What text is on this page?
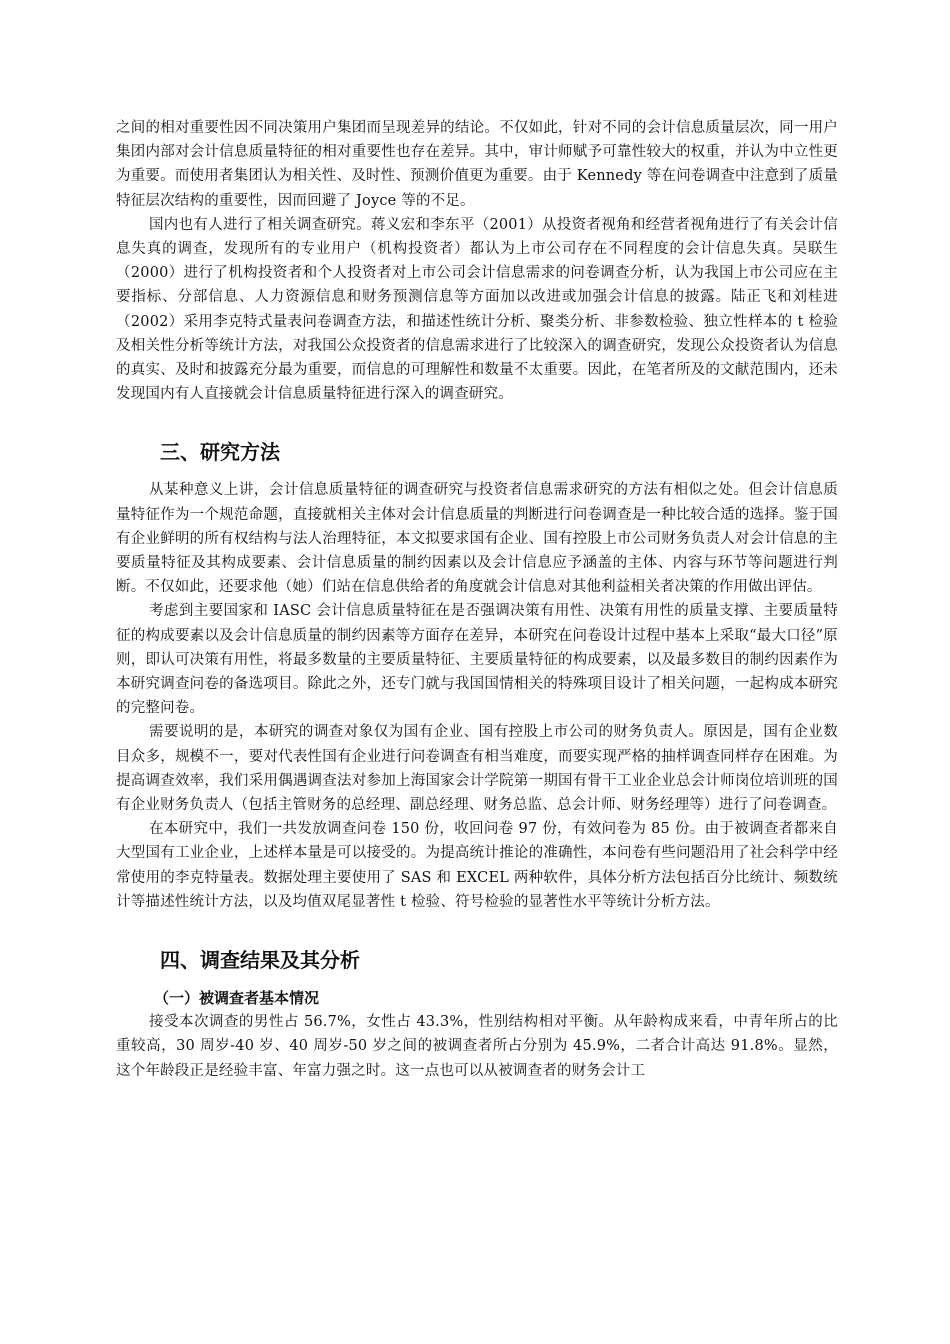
之间的相对重要性因不同决策用户集团而呈现差异的结论。不仅如此，针对不同的会计信息质量层次，同一用户集团内部对会计信息质量特征的相对重要性也存在差异。其中，审计师赋予可靠性较大的权重，并认为中立性更为重要。而使用者集团认为相关性、及时性、预测价值更为重要。由于 Kennedy 等在问卷调查中注意到了质量特征层次结构的重要性，因而回避了 Joyce 等的不足。

国内也有人进行了相关调查研究。蒋义宏和李东平（2001）从投资者视角和经营者视角进行了有关会计信息失真的调查，发现所有的专业用户（机构投资者）都认为上市公司存在不同程度的会计信息失真。吴联生（2000）进行了机构投资者和个人投资者对上市公司会计信息需求的问卷调查分析，认为我国上市公司应在主要指标、分部信息、人力资源信息和财务预测信息等方面加以改进或加强会计信息的披露。陆正飞和刘桂进（2002）采用李克特式量表问卷调查方法，和描述性统计分析、聚类分析、非参数检验、独立性样本的 t 检验及相关性分析等统计方法，对我国公众投资者的信息需求进行了比较深入的调查研究，发现公众投资者认为信息的真实、及时和披露充分最为重要，而信息的可理解性和数量不太重要。因此，在笔者所及的文献范围内，还未发现国内有人直接就会计信息质量特征进行深入的调查研究。

三、研究方法

从某种意义上讲，会计信息质量特征的调查研究与投资者信息需求研究的方法有相似之处。但会计信息质量特征作为一个规范命题，直接就相关主体对会计信息质量的判断进行问卷调查是一种比较合适的选择。鉴于国有企业鲜明的所有权结构与法人治理特征，本文拟要求国有企业、国有控股上市公司财务负责人对会计信息的主要质量特征及其构成要素、会计信息质量的制约因素以及会计信息应予涵盖的主体、内容与环节等问题进行判断。不仅如此，还要求他（她）们站在信息供给者的角度就会计信息对其他利益相关者决策的作用做出评估。

考虑到主要国家和 IASC 会计信息质量特征在是否强调决策有用性、决策有用性的质量支撑、主要质量特征的构成要素以及会计信息质量的制约因素等方面存在差异，本研究在问卷设计过程中基本上采取“最大口径”原则，即认可决策有用性，将最多数量的主要质量特征、主要质量特征的构成要素，以及最多数目的制约因素作为本研究调查问卷的备选项目。除此之外，还专门就与我国国情相关的特殊项目设计了相关问题，一起构成本研究的完整问卷。

需要说明的是，本研究的调查对象仅为国有企业、国有控股上市公司的财务负责人。原因是，国有企业数目众多，规模不一，要对代表性国有企业进行问卷调查有相当难度，而要实现严格的抽样调查同样存在困难。为提高调查效率，我们采用偶遇调查法对参加上海国家会计学院第一期国有骨干工业企业总会计师岗位培训班的国有企业财务负责人（包括主管财务的总经理、副总经理、财务总监、总会计师、财务经理等）进行了问卷调查。

在本研究中，我们一共发放调查问卷 150 份，收回问卷 97 份，有效问卷为 85 份。由于被调查者都来自大型国有工业企业，上述样本量是可以接受的。为提高统计推论的准确性，本问卷有些问题沿用了社会科学中经常使用的李克特量表。数据处理主要使用了 SAS 和 EXCEL 两种软件，具体分析方法包括百分比统计、频数统计等描述性统计方法，以及均值双尾显著性 t 检验、符号检验的显著性水平等统计分析方法。

四、调查结果及其分析
（一）被调查者基本情况

接受本次调查的男性占 56.7%，女性占 43.3%，性别结构相对平衡。从年龄构成来看，中青年所占的比重较高，30 周岁-40 岁、40 周岁-50 岁之间的被调查者所占分别为 45.9%，二者合计高达 91.8%。显然，这个年龄段正是经验丰富、年富力强之时。这一点也可以从被调查者的财务会计工
